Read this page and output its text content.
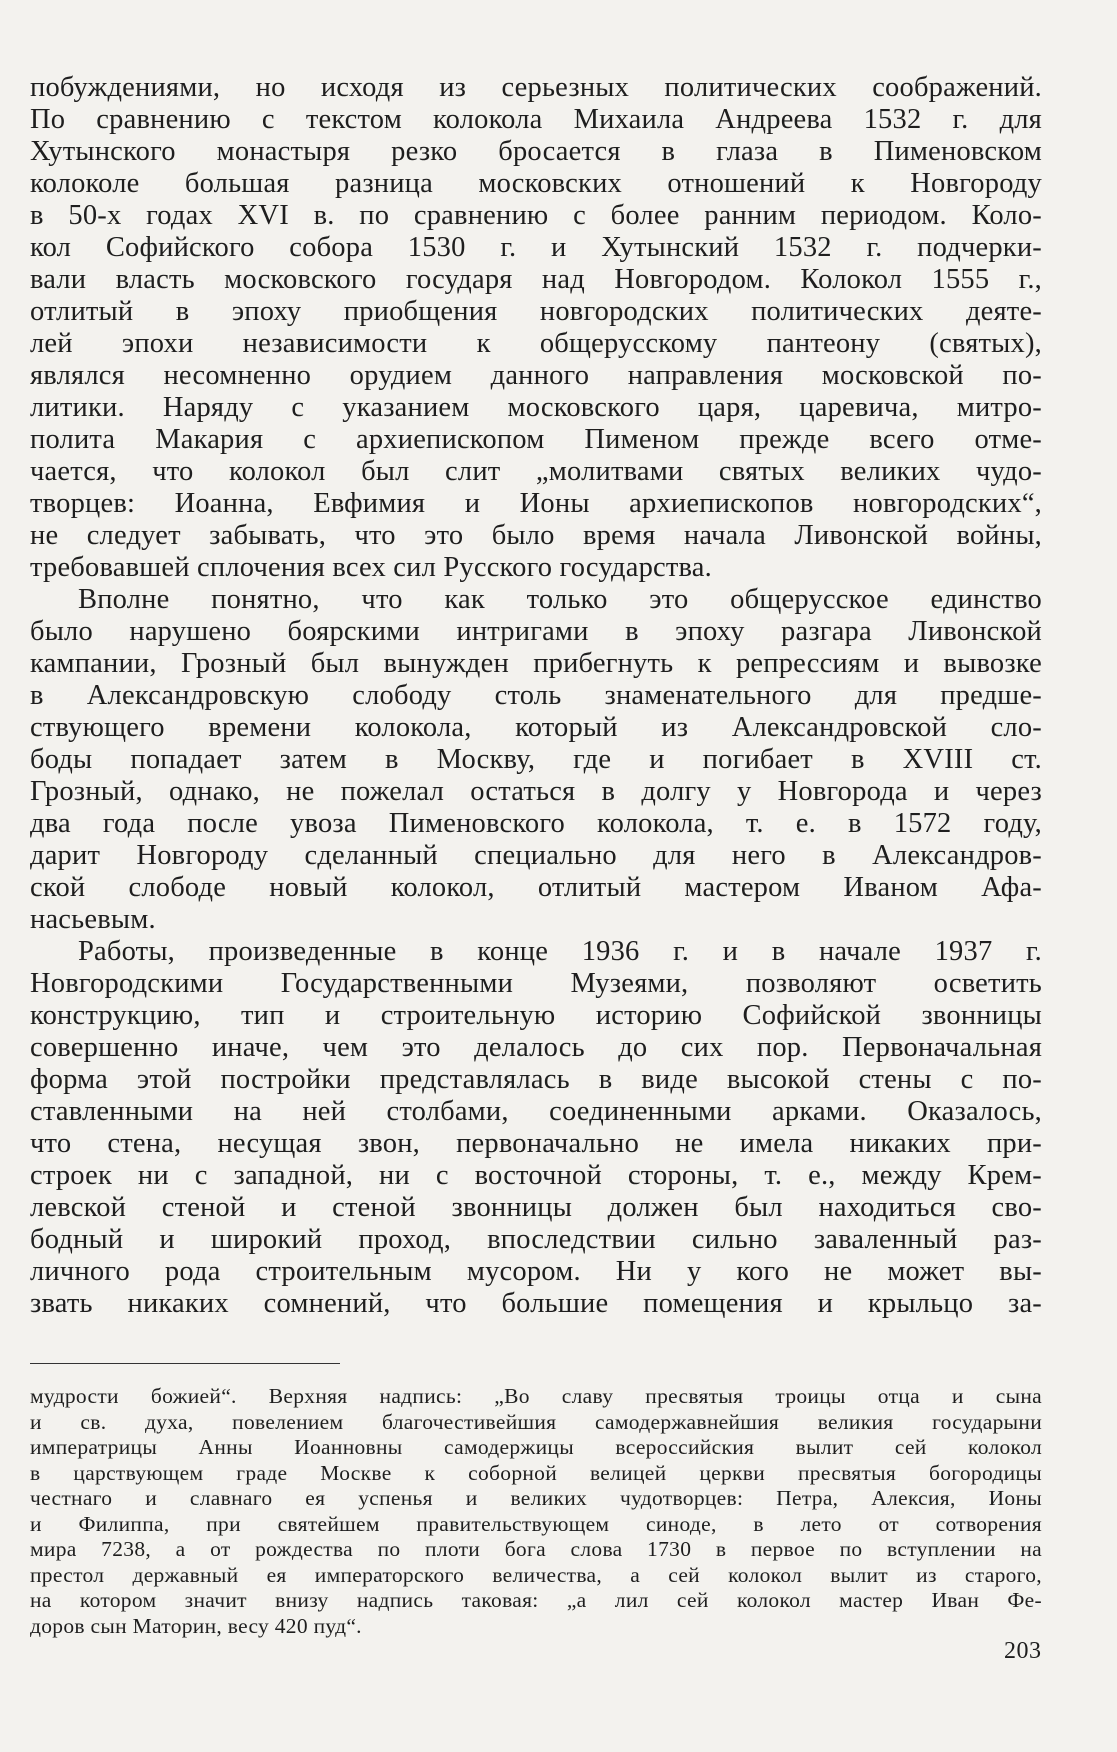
побуждениями, но исходя из серьезных политических соображений.
По сравнению с текстом колокола Михаила Андреева 1532 г. для
Хутынского монастыря резко бросается в глаза в Пименовском
колоколе большая разница московских отношений к Новгороду
в 50-х годах XVI в. по сравнению с более ранним периодом. Коло-
кол Софийского собора 1530 г. и Хутынский 1532 г. подчерки-
вали власть московского государя над Новгородом. Колокол 1555 г.,
отлитый в эпоху приобщения новгородских политических деяте-
лей эпохи независимости к общерусскому пантеону (святых),
являлся несомненно орудием данного направления московской по-
литики. Наряду с указанием московского царя, царевича, митро-
полита Макария с архиепископом Пименом прежде всего отме-
чается, что колокол был слит „молитвами святых великих чудо-
творцев: Иоанна, Евфимия и Ионы архиепископов новгородских“,
не следует забывать, что это было время начала Ливонской войны,
требовавшей сплочения всех сил Русского государства.
Вполне понятно, что как только это общерусское единство
было нарушено боярскими интригами в эпоху разгара Ливонской
кампании, Грозный был вынужден прибегнуть к репрессиям и вывозке
в Александровскую слободу столь знаменательного для предше-
ствующего времени колокола, который из Александровской сло-
боды попадает затем в Москву, где и погибает в XVIII ст.
Грозный, однако, не пожелал остаться в долгу у Новгорода и через
два года после увоза Пименовского колокола, т. е. в 1572 году,
дарит Новгороду сделанный специально для него в Александров-
ской слободе новый колокол, отлитый мастером Иваном Афа-
насьевым.
Работы, произведенные в конце 1936 г. и в начале 1937 г.
Новгородскими Государственными Музеями, позволяют осветить
конструкцию, тип и строительную историю Софийской звонницы
совершенно иначе, чем это делалось до сих пор. Первоначальная
форма этой постройки представлялась в виде высокой стены с по-
ставленными на ней столбами, соединенными арками. Оказалось,
что стена, несущая звон, первоначально не имела никаких при-
строек ни с западной, ни с восточной стороны, т. е., между Крем-
левской стеной и стеной звонницы должен был находиться сво-
бодный и широкий проход, впоследствии сильно заваленный раз-
личного рода строительным мусором. Ни у кого не может вы-
звать никаких сомнений, что большие помещения и крыльцо за-
мудрости божией“. Верхняя надпись: „Во славу пресвятыя троицы отца и сына
и св. духа, повелением благочестивейшия самодержавнейшия великия государыни
императрицы Анны Иоанновны самодержицы всероссийския вылит сей колокол
в царствующем граде Москве к соборной велицей церкви пресвятыя богородицы
честнаго и славнаго ея успенья и великих чудотворцев: Петра, Алексия, Ионы
и Филиппа, при святейшем правительствующем синоде, в лето от сотворения
мира 7238, а от рождества по плоти бога слова 1730 в первое по вступлении на
престол державный ея императорского величества, а сей колокол вылит из старого,
на котором значит внизу надпись таковая: „а лил сей колокол мастер Иван Фе-
доров сын Маторин, весу 420 пуд“.
203
